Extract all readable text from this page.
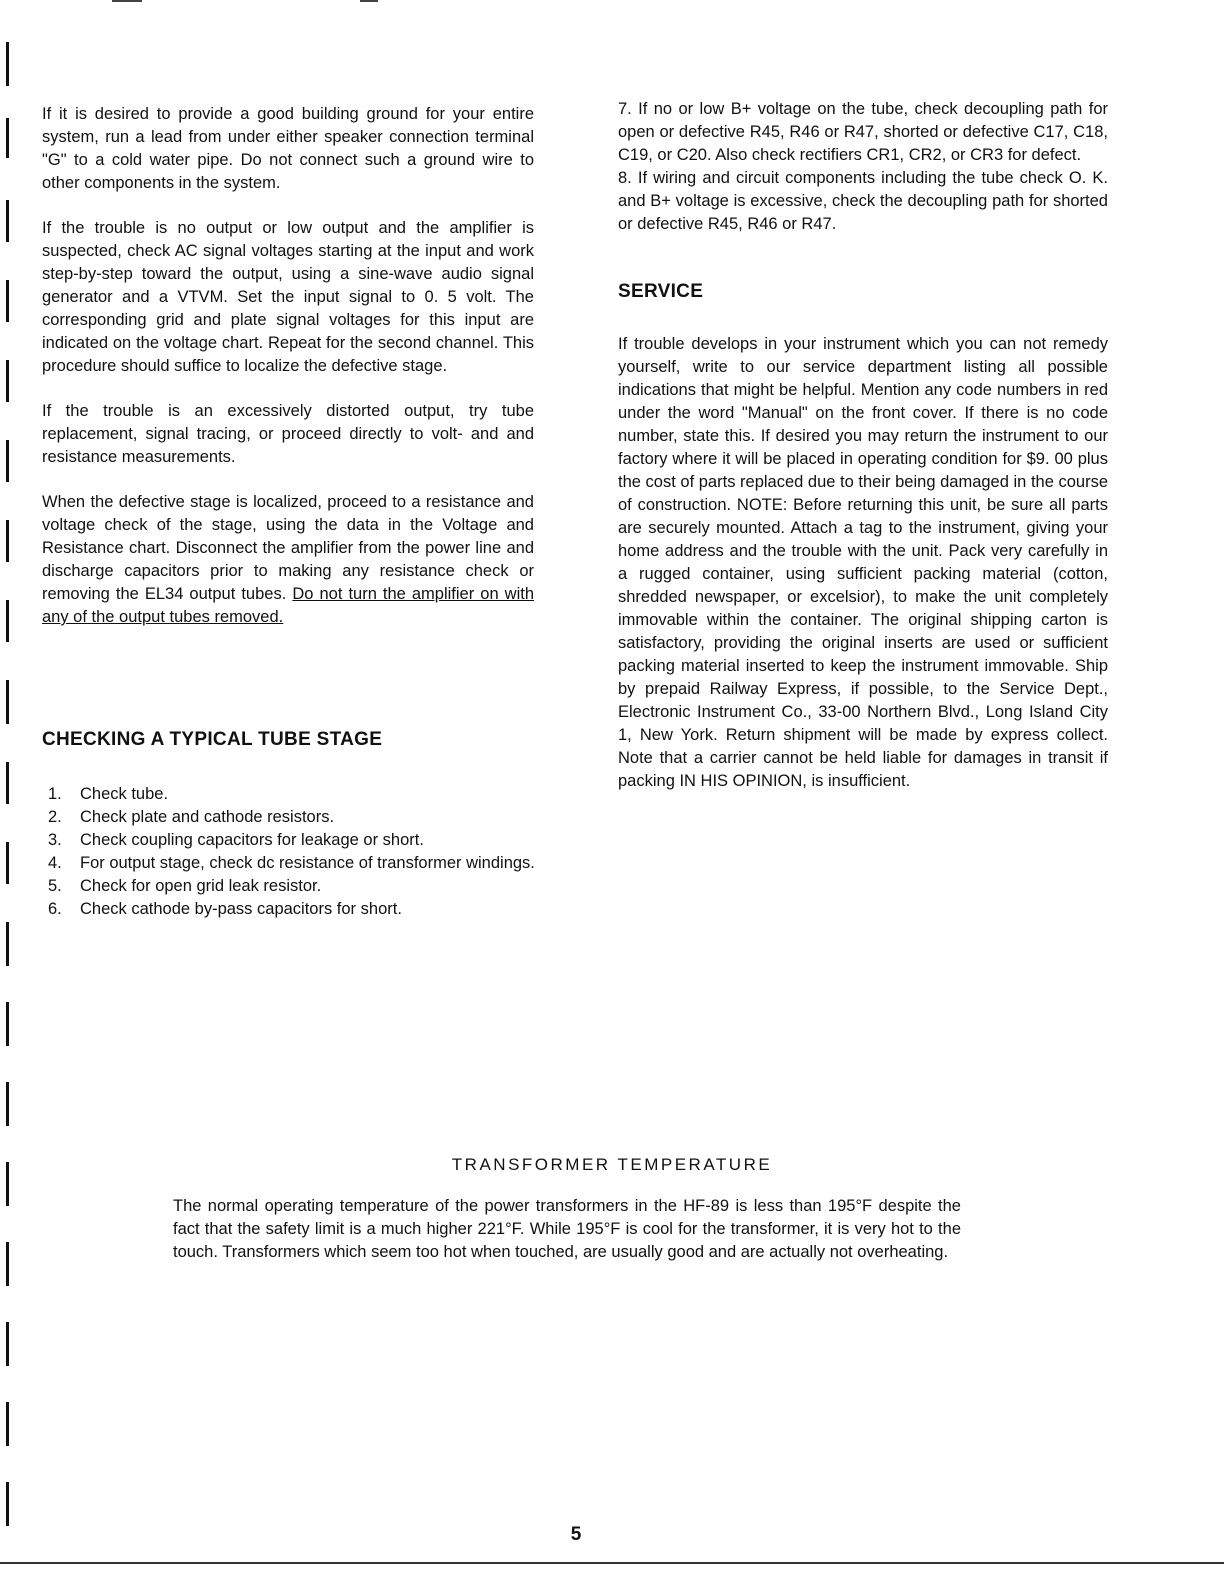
If it is desired to provide a good building ground for your entire system, run a lead from under either speaker connection terminal "G" to a cold water pipe. Do not connect such a ground wire to other components in the system.

If the trouble is no output or low output and the amplifier is suspected, check AC signal voltages starting at the input and work step-by-step toward the output, using a sine-wave audio signal generator and a VTVM. Set the input signal to 0. 5 volt. The corresponding grid and plate signal voltages for this input are indicated on the voltage chart. Repeat for the second channel. This procedure should suffice to localize the defective stage.

If the trouble is an excessively distorted output, try tube replacement, signal tracing, or proceed directly to volt- and and resistance measurements.

When the defective stage is localized, proceed to a resistance and voltage check of the stage, using the data in the Voltage and Resistance chart. Disconnect the amplifier from the power line and discharge capacitors prior to making any resistance check or removing the EL34 output tubes. Do not turn the amplifier on with any of the output tubes removed.

CHECKING A TYPICAL TUBE STAGE
1. Check tube.
2. Check plate and cathode resistors.
3. Check coupling capacitors for leakage or short.
4. For output stage, check dc resistance of transformer windings.
5. Check for open grid leak resistor.
6. Check cathode by-pass capacitors for short.

7. If no or low B+ voltage on the tube, check decoupling path for open or defective R45, R46 or R47, shorted or defective C17, C18, C19, or C20. Also check rectifiers CR1, CR2, or CR3 for defect.

8. If wiring and circuit components including the tube check O. K. and B+ voltage is excessive, check the decoupling path for shorted or defective R45, R46 or R47.

SERVICE

If trouble develops in your instrument which you can not remedy yourself, write to our service department listing all possible indications that might be helpful. Mention any code numbers in red under the word "Manual" on the front cover. If there is no code number, state this. If desired you may return the instrument to our factory where it will be placed in operating condition for $9. 00 plus the cost of parts replaced due to their being damaged in the course of construction. NOTE: Before returning this unit, be sure all parts are securely mounted. Attach a tag to the instrument, giving your home address and the trouble with the unit. Pack very carefully in a rugged container, using sufficient packing material (cotton, shredded newspaper, or excelsior), to make the unit completely immovable within the container. The original shipping carton is satisfactory, providing the original inserts are used or sufficient packing material inserted to keep the instrument immovable. Ship by prepaid Railway Express, if possible, to the Service Dept., Electronic Instrument Co., 33-00 Northern Blvd., Long Island City 1, New York. Return shipment will be made by express collect. Note that a carrier cannot be held liable for damages in transit if packing IN HIS OPINION, is insufficient.

TRANSFORMER TEMPERATURE

The normal operating temperature of the power transformers in the HF-89 is less than 195°F despite the fact that the safety limit is a much higher 221°F. While 195°F is cool for the transformer, it is very hot to the touch. Transformers which seem too hot when touched, are usually good and are actually not overheating.

5
